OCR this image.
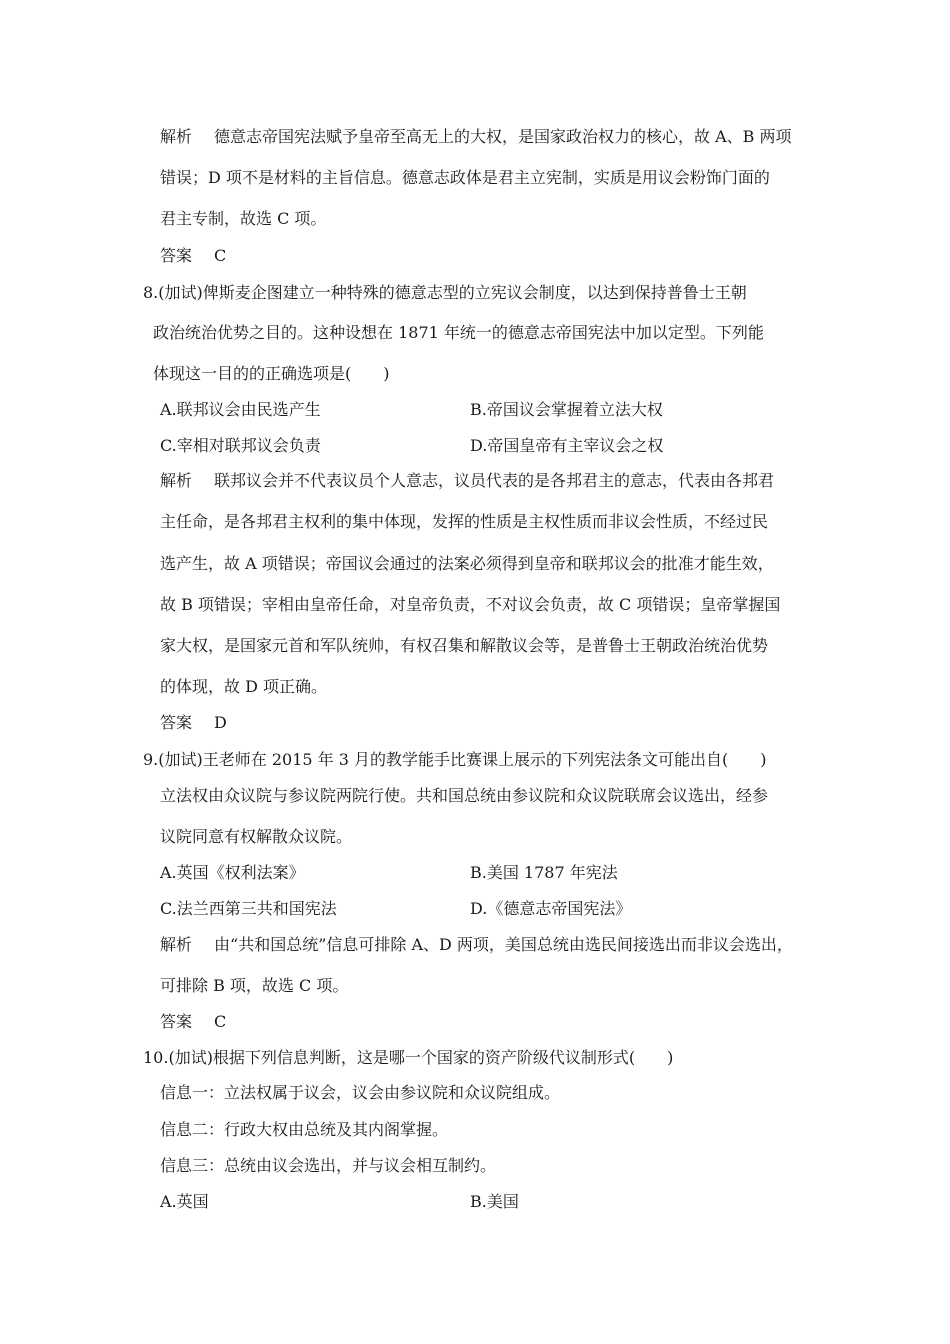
解析 德意志帝国宪法赋予皇帝至高无上的大权，是国家政治权力的核心，故 A、B 两项
错误；D 项不是材料的主旨信息。德意志政体是君主立宪制，实质是用议会粉饰门面的
君主专制，故选 C 项。
答案 C
8.(加试)俾斯麦企图建立一种特殊的德意志型的立宪议会制度，以达到保持普鲁士王朝
政治统治优势之目的。这种设想在 1871 年统一的德意志帝国宪法中加以定型。下列能
体现这一目的的正确选项是(　　)
A.联邦议会由民选产生	B.帝国议会掌握着立法大权
C.宰相对联邦议会负责	D.帝国皇帝有主宰议会之权
解析 联邦议会并不代表议员个人意志，议员代表的是各邦君主的意志，代表由各邦君
主任命，是各邦君主权利的集中体现，发挥的性质是主权性质而非议会性质，不经过民
选产生，故 A 项错误；帝国议会通过的法案必须得到皇帝和联邦议会的批准才能生效，
故 B 项错误；宰相由皇帝任命，对皇帝负责，不对议会负责，故 C 项错误；皇帝掌握国
家大权，是国家元首和军队统帅，有权召集和解散议会等，是普鲁士王朝政治统治优势
的体现，故 D 项正确。
答案 D
9.(加试)王老师在 2015 年 3 月的教学能手比赛课上展示的下列宪法条文可能出自(　　)
立法权由众议院与参议院两院行使。共和国总统由参议院和众议院联席会议选出，经参
议院同意有权解散众议院。
A.英国《权利法案》	B.美国 1787 年宪法
C.法兰西第三共和国宪法	D.《德意志帝国宪法》
解析 由“共和国总统”信息可排除 A、D 两项，美国总统由选民间接选出而非议会选出，
可排除 B 项，故选 C 项。
答案 C
10.(加试)根据下列信息判断，这是哪一个国家的资产阶级代议制形式(　　)
信息一：立法权属于议会，议会由参议院和众议院组成。
信息二：行政大权由总统及其内阁掌握。
信息三：总统由议会选出，并与议会相互制约。
A.英国	B.美国
